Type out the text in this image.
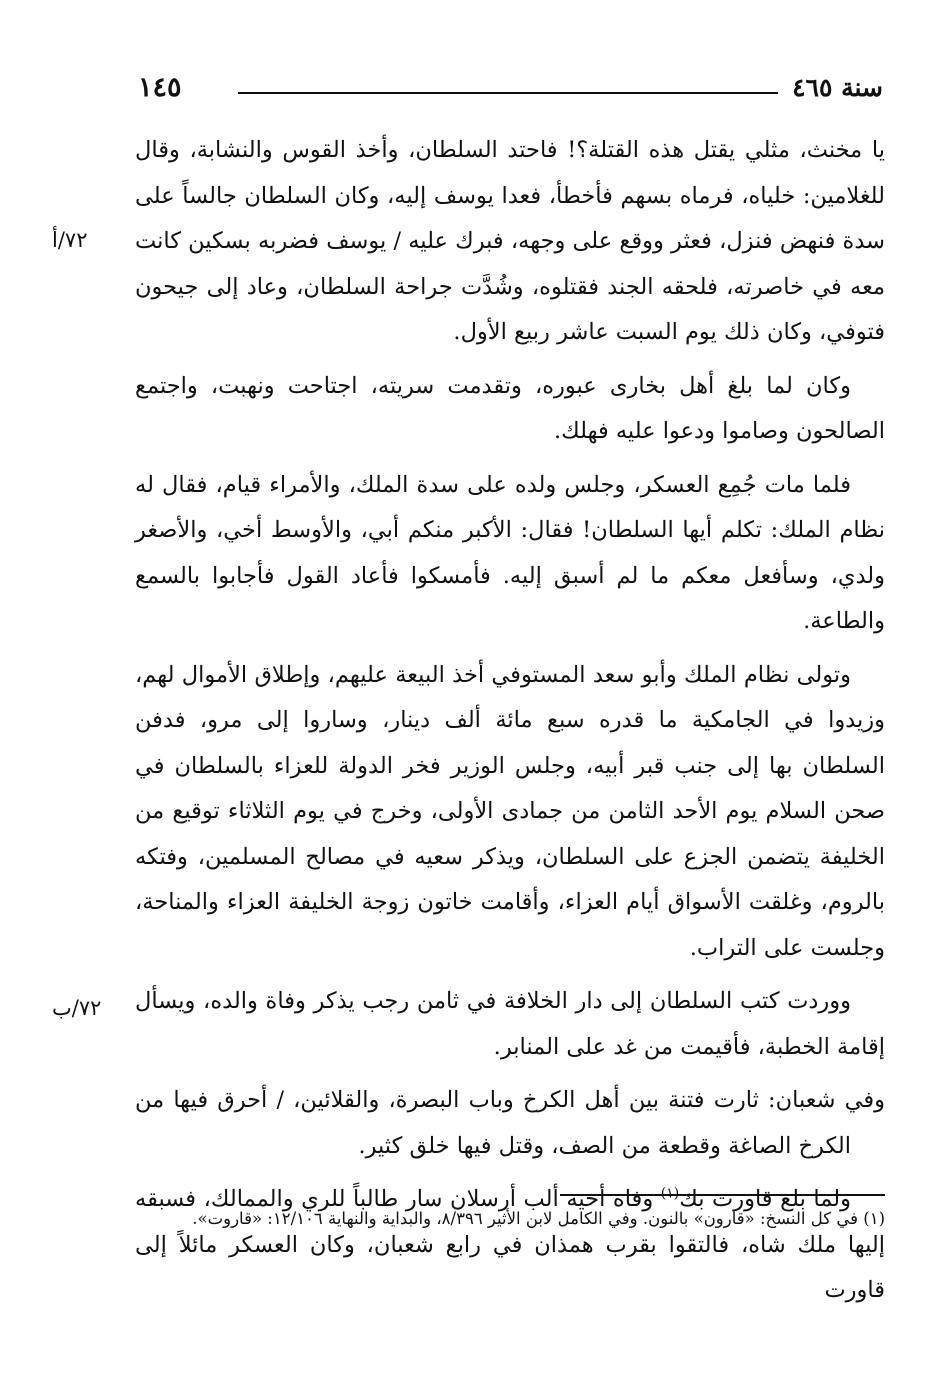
سنة ٤٦٥
١٤٥
٧٢/أ
٧٢/ب

يا مخنث، مثلي يقتل هذه القتلة؟! فاحتد السلطان، وأخذ القوس والنشابة، وقال للغلامين: خلياه، فرماه بسهم فأخطأ، فعدا يوسف إليه، وكان السلطان جالساً على سدة فنهض فنزل، فعثر ووقع على وجهه، فبرك عليه / يوسف فضربه بسكين كانت معه في خاصرته، فلحقه الجند فقتلوه، وشُدَّت جراحة السلطان، وعاد إلى جيحون فتوفي، وكان ذلك يوم السبت عاشر ربيع الأول.

وكان لما بلغ أهل بخارى عبوره، وتقدمت سريته، اجتاحت ونهبت، واجتمع الصالحون وصاموا ودعوا عليه فهلك.

فلما مات جُمِع العسكر، وجلس ولده على سدة الملك، والأمراء قيام، فقال له نظام الملك: تكلم أيها السلطان! فقال: الأكبر منكم أبي، والأوسط أخي، والأصغر ولدي، وسأفعل معكم ما لم أسبق إليه. فأمسكوا فأعاد القول فأجابوا بالسمع والطاعة.

وتولى نظام الملك وأبو سعد المستوفي أخذ البيعة عليهم، وإطلاق الأموال لهم، وزيدوا في الجامكية ما قدره سبع مائة ألف دينار، وساروا إلى مرو، فدفن السلطان بها إلى جنب قبر أبيه، وجلس الوزير فخر الدولة للعزاء بالسلطان في صحن السلام يوم الأحد الثامن من جمادى الأولى، وخرج في يوم الثلاثاء توقيع من الخليفة يتضمن الجزع على السلطان، ويذكر سعيه في مصالح المسلمين، وفتكه بالروم، وغلقت الأسواق أيام العزاء، وأقامت خاتون زوجة الخليفة العزاء والمناحة، وجلست على التراب.

ووردت كتب السلطان إلى دار الخلافة في ثامن رجب يذكر وفاة والده، ويسأل إقامة الخطبة، فأقيمت من غد على المنابر.

وفي شعبان: ثارت فتنة بين أهل الكرخ وباب البصرة، والقلائين، / أحرق فيها من الكرخ الصاغة وقطعة من الصف، وقتل فيها خلق كثير.

ولما بلغ قاورت بك$^{(١)}$ وفاة أخيه ألب أرسلان سار طالباً للري والممالك، فسبقه إليها ملك شاه، فالتقوا بقرب همذان في رابع شعبان، وكان العسكر مائلاً إلى قاورت

(١) في كل النسخ: «قارون» بالنون. وفي الكامل لابن الأثير ٨/٣٩٦، والبداية والنهاية ١٢/١٠٦: «قاروت».
